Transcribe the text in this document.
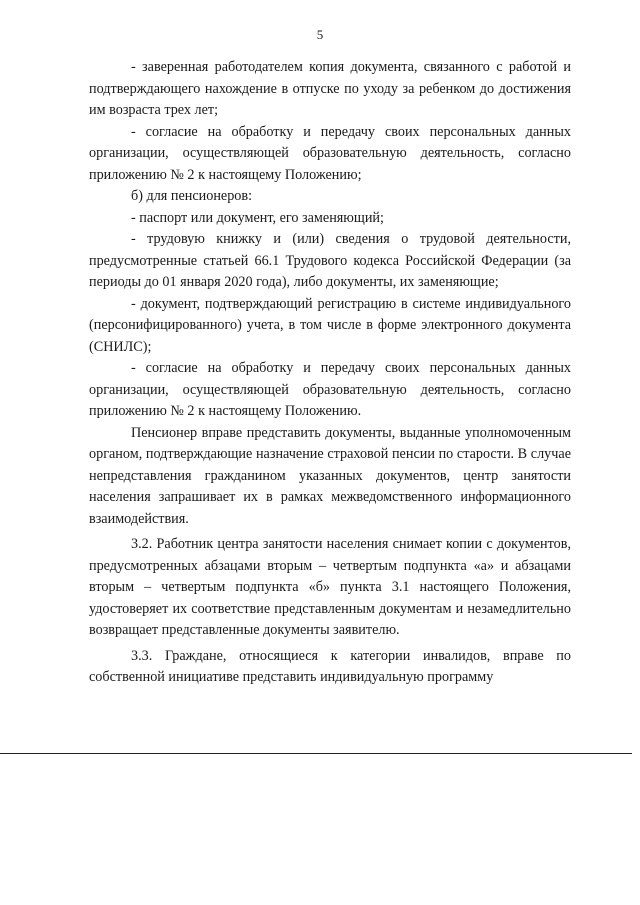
5

- заверенная работодателем копия документа, связанного с работой и подтверждающего нахождение в отпуске по уходу за ребенком до достижения им возраста трех лет;

- согласие на обработку и передачу своих персональных данных организации, осуществляющей образовательную деятельность, согласно приложению № 2 к настоящему Положению;

б) для пенсионеров:

- паспорт или документ, его заменяющий;

- трудовую книжку и (или) сведения о трудовой деятельности, предусмотренные статьей 66.1 Трудового кодекса Российской Федерации (за периоды до 01 января 2020 года), либо документы, их заменяющие;

- документ, подтверждающий регистрацию в системе индивидуального (персонифицированного) учета, в том числе в форме электронного документа (СНИЛС);

- согласие на обработку и передачу своих персональных данных организации, осуществляющей образовательную деятельность, согласно приложению № 2 к настоящему Положению.

Пенсионер вправе представить документы, выданные уполномоченным органом, подтверждающие назначение страховой пенсии по старости. В случае непредставления гражданином указанных документов, центр занятости населения запрашивает их в рамках межведомственного информационного взаимодействия.

3.2. Работник центра занятости населения снимает копии с документов, предусмотренных абзацами вторым – четвертым подпункта «а» и абзацами вторым – четвертым подпункта «б» пункта 3.1 настоящего Положения, удостоверяет их соответствие представленным документам и незамедлительно возвращает представленные документы заявителю.

3.3. Граждане, относящиеся к категории инвалидов, вправе по собственной инициативе представить индивидуальную программу
